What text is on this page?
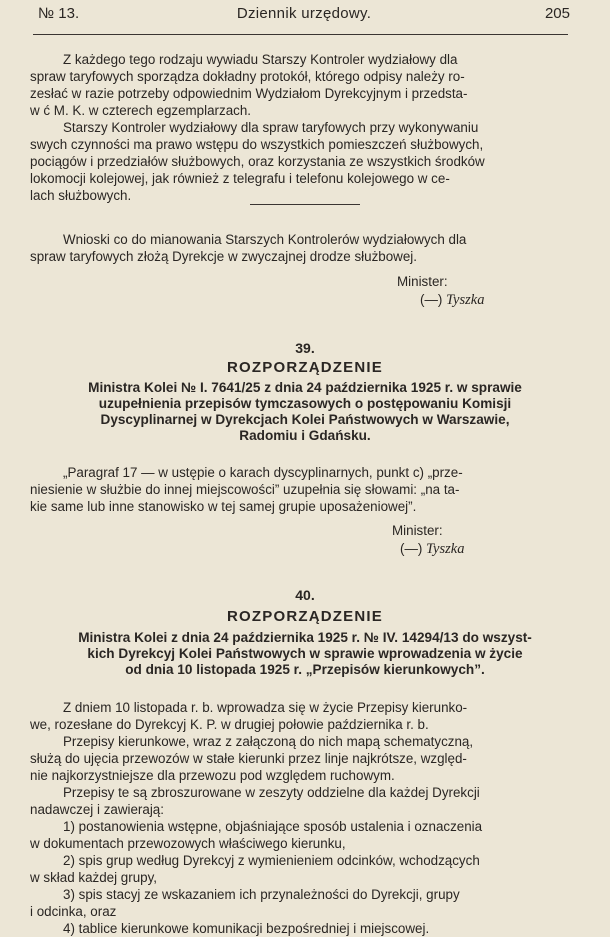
№ 13.	Dziennik urzędowy.	205
Z każdego tego rodzaju wywiadu Starszy Kontroler wydziałowy dla
spraw taryfowych sporządza dokładny protokół, którego odpisy należy ro-
zesłać w razie potrzeby odpowiednim Wydziałom Dyrekcyjnym i przedsta-
w ć M. K. w czterech egzemplarzach.
Starszy Kontroler wydziałowy dla spraw taryfowych przy wykonywaniu
swych czynności ma prawo wstępu do wszystkich pomieszczeń służbowych,
pociągów i przedziałów służbowych, oraz korzystania ze wszystkich środków
lokomocji kolejowej, jak również z telegrafu i telefonu kolejowego w ce-
lach służbowych.
Wnioski co do mianowania Starszych Kontrolerów wydziałowych dla
spraw taryfowych złożą Dyrekcje w zwyczajnej drodze służbowej.
Minister:
(—) Tyszka
39.
ROZPORZĄDZENIE
Ministra Kolei № I. 7641/25 z dnia 24 października 1925 r. w sprawie
uzupełnienia przepisów tymczasowych o postępowaniu Komisji
Dyscyplinarnej w Dyrekcjach Kolei Państwowych w Warszawie,
Radomiu i Gdańsku.
„Paragraf 17 — w ustępie o karach dyscyplinarnych, punkt c) „prze-
niesienie w służbie do innej miejscowości” uzupełnia się słowami: „na ta-
kie same lub inne stanowisko w tej samej grupie uposażeniowej”.
Minister:
(—) Tyszka
40.
ROZPORZĄDZENIE
Ministra Kolei z dnia 24 października 1925 r. № IV. 14294/13 do wszyst-
kich Dyrekcyj Kolei Państwowych w sprawie wprowadzenia w życie
od dnia 10 listopada 1925 r. „Przepisów kierunkowych”.
Z dniem 10 listopada r. b. wprowadza się w życie Przepisy kierunko-
we, rozesłane do Dyrekcyj K. P. w drugiej połowie października r. b.
Przepisy kierunkowe, wraz z załączoną do nich mapą schematyczną,
służą do ujęcia przewozów w stałe kierunki przez linje najkrótsze, względ-
nie najkorzystniejsze dla przewozu pod względem ruchowym.
Przepisy te są zbroszurowane w zeszyty oddzielne dla każdej Dyrekcji
nadawczej i zawierają:
1) postanowienia wstępne, objaśniające sposób ustalenia i oznaczenia
w dokumentach przewozowych właściwego kierunku,
2) spis grup według Dyrekcyj z wymienieniem odcinków, wchodzących
w skład każdej grupy,
3) spis stacyj ze wskazaniem ich przynależności do Dyrekcji, grupy
i odcinka, oraz
4) tablice kierunkowe komunikacji bezpośredniej i miejscowej.
